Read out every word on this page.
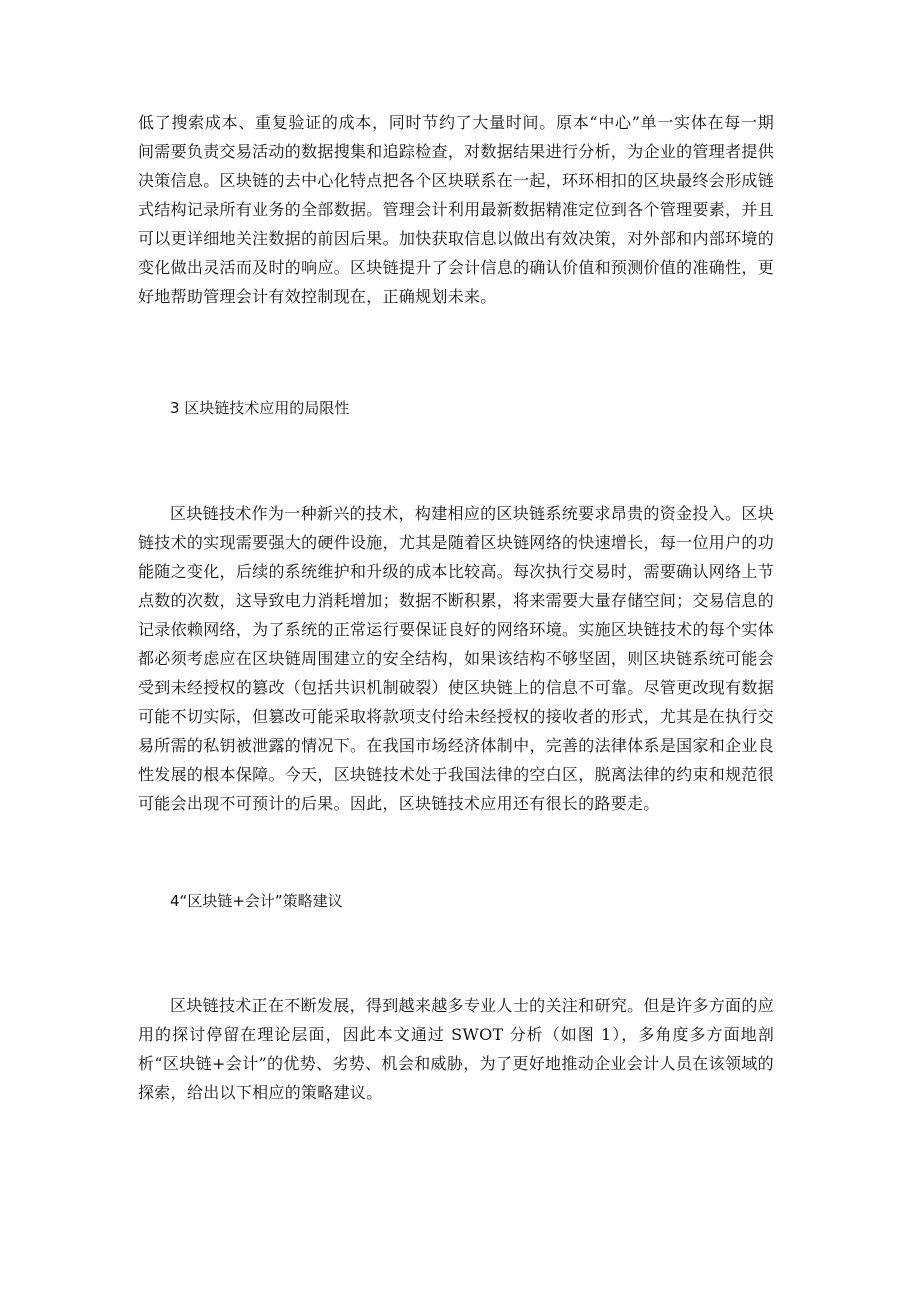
低了搜索成本、重复验证的成本，同时节约了大量时间。原本“中心”单一实体在每一期间需要负责交易活动的数据搜集和追踪检查，对数据结果进行分析，为企业的管理者提供决策信息。区块链的去中心化特点把各个区块联系在一起，环环相扣的区块最终会形成链式结构记录所有业务的全部数据。管理会计利用最新数据精准定位到各个管理要素，并且可以更详细地关注数据的前因后果。加快获取信息以做出有效决策，对外部和内部环境的变化做出灵活而及时的响应。区块链提升了会计信息的确认价值和预测价值的准确性，更好地帮助管理会计有效控制现在，正确规划未来。

3 区块链技术应用的局限性

区块链技术作为一种新兴的技术，构建相应的区块链系统要求昂贵的资金投入。区块链技术的实现需要强大的硬件设施，尤其是随着区块链网络的快速增长，每一位用户的功能随之变化，后续的系统维护和升级的成本比较高。每次执行交易时，需要确认网络上节点数的次数，这导致电力消耗增加；数据不断积累，将来需要大量存储空间；交易信息的记录依赖网络，为了系统的正常运行要保证良好的网络环境。实施区块链技术的每个实体都必须考虑应在区块链周围建立的安全结构，如果该结构不够坚固，则区块链系统可能会受到未经授权的篡改（包括共识机制破裂）使区块链上的信息不可靠。尽管更改现有数据可能不切实际，但篡改可能采取将款项支付给未经授权的接收者的形式，尤其是在执行交易所需的私钥被泄露的情况下。在我国市场经济体制中，完善的法律体系是国家和企业良性发展的根本保障。今天，区块链技术处于我国法律的空白区，脱离法律的约束和规范很可能会出现不可预计的后果。因此，区块链技术应用还有很长的路要走。

4“区块链+会计”策略建议

区块链技术正在不断发展，得到越来越多专业人士的关注和研究。但是许多方面的应用的探讨停留在理论层面，因此本文通过 SWOT 分析（如图 1），多角度多方面地剖析“区块链+会计”的优势、劣势、机会和威胁，为了更好地推动企业会计人员在该领域的探索，给出以下相应的策略建议。
